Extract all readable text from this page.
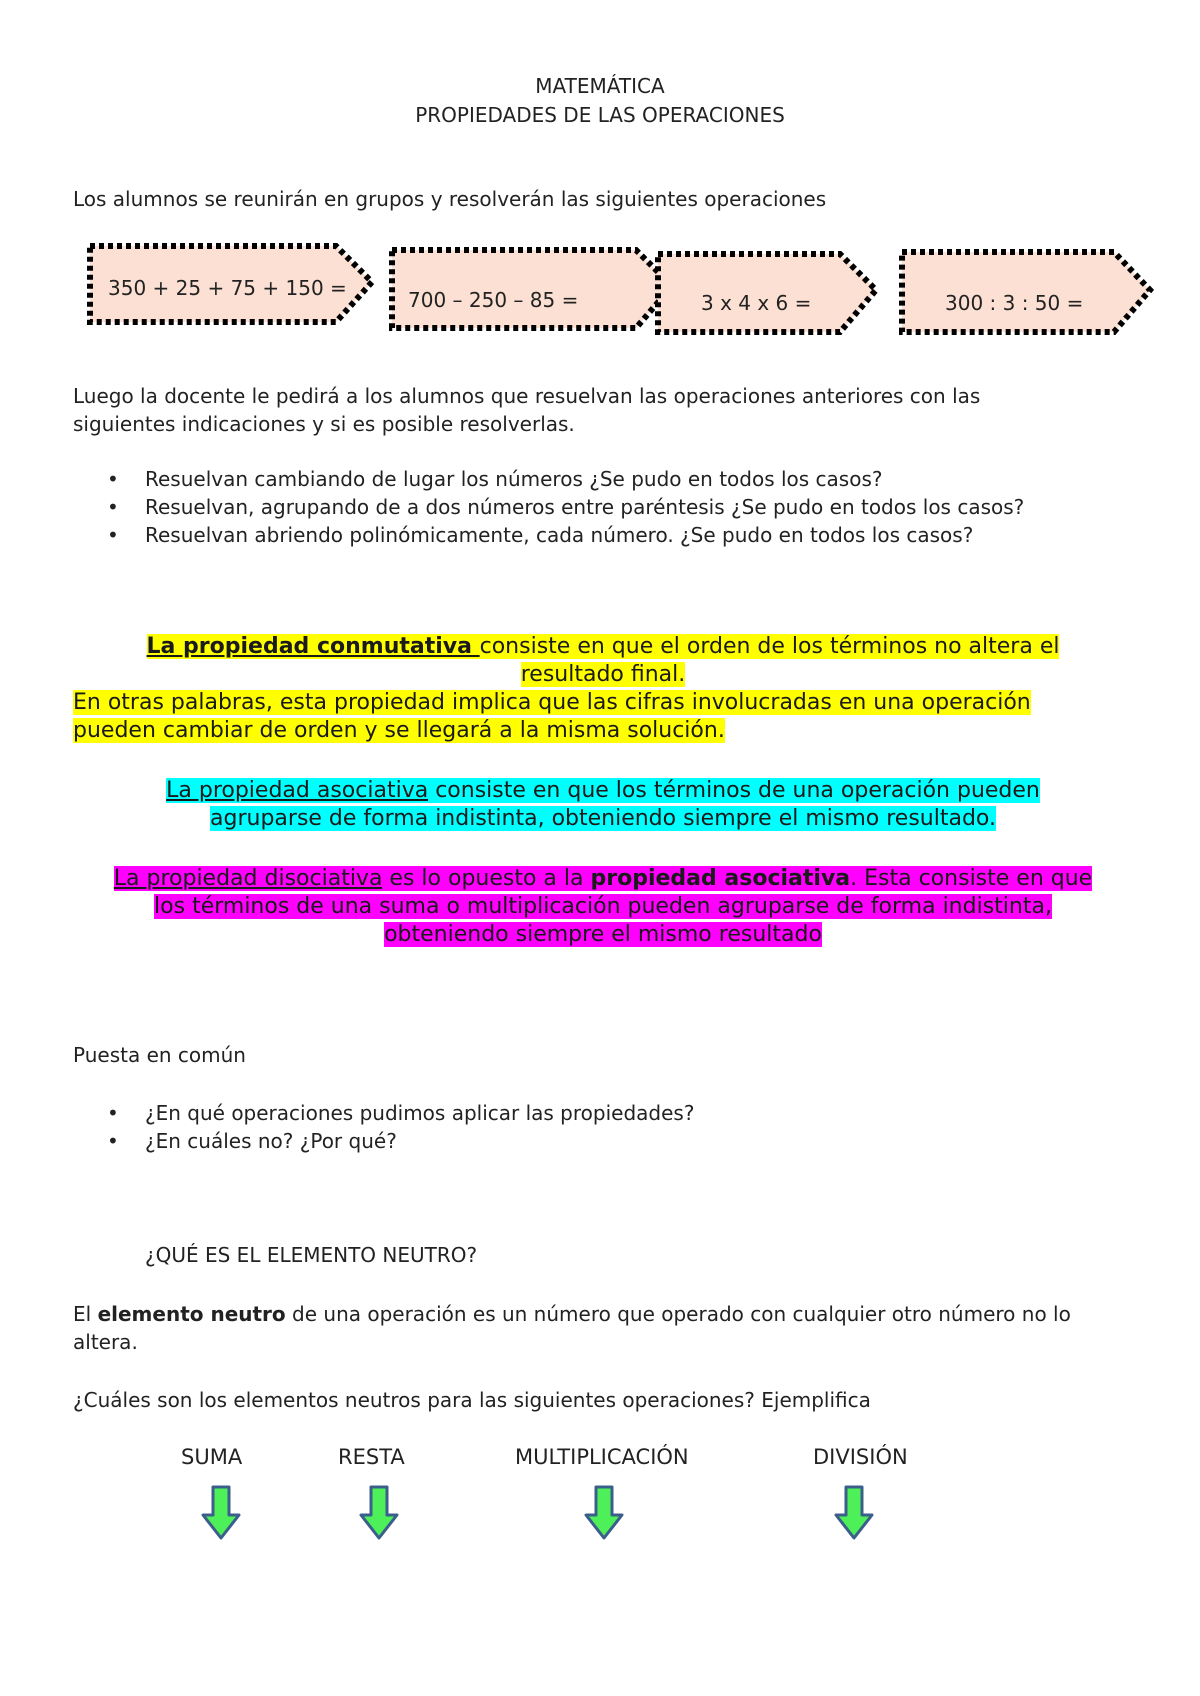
MATEMÁTICA
PROPIEDADES DE LAS OPERACIONES
Los alumnos se reunirán en grupos y resolverán las siguientes operaciones
350 + 25 + 75 + 150 =	700 – 250 – 85 =	3 x 4 x 6 =	300 : 3 : 50 =
Luego la docente le pedirá a los alumnos que resuelvan las operaciones anteriores con las
siguientes indicaciones y si es posible resolverlas.
• Resuelvan cambiando de lugar los números ¿Se pudo en todos los casos?
• Resuelvan, agrupando de a dos números entre paréntesis ¿Se pudo en todos los casos?
• Resuelvan abriendo polinómicamente, cada número. ¿Se pudo en todos los casos?
La propiedad conmutativa consiste en que el orden de los términos no altera el
resultado final.
En otras palabras, esta propiedad implica que las cifras involucradas en una operación
pueden cambiar de orden y se llegará a la misma solución.
La propiedad asociativa consiste en que los términos de una operación pueden
agruparse de forma indistinta, obteniendo siempre el mismo resultado.
La propiedad disociativa es lo opuesto a la propiedad asociativa. Esta consiste en que
los términos de una suma o multiplicación pueden agruparse de forma indistinta,
obteniendo siempre el mismo resultado
Puesta en común
• ¿En qué operaciones pudimos aplicar las propiedades?
• ¿En cuáles no? ¿Por qué?
¿QUÉ ES EL ELEMENTO NEUTRO?
El elemento neutro de una operación es un número que operado con cualquier otro número no lo
altera.
¿Cuáles son los elementos neutros para las siguientes operaciones? Ejemplifica
SUMA	RESTA	MULTIPLICACIÓN	DIVISIÓN
